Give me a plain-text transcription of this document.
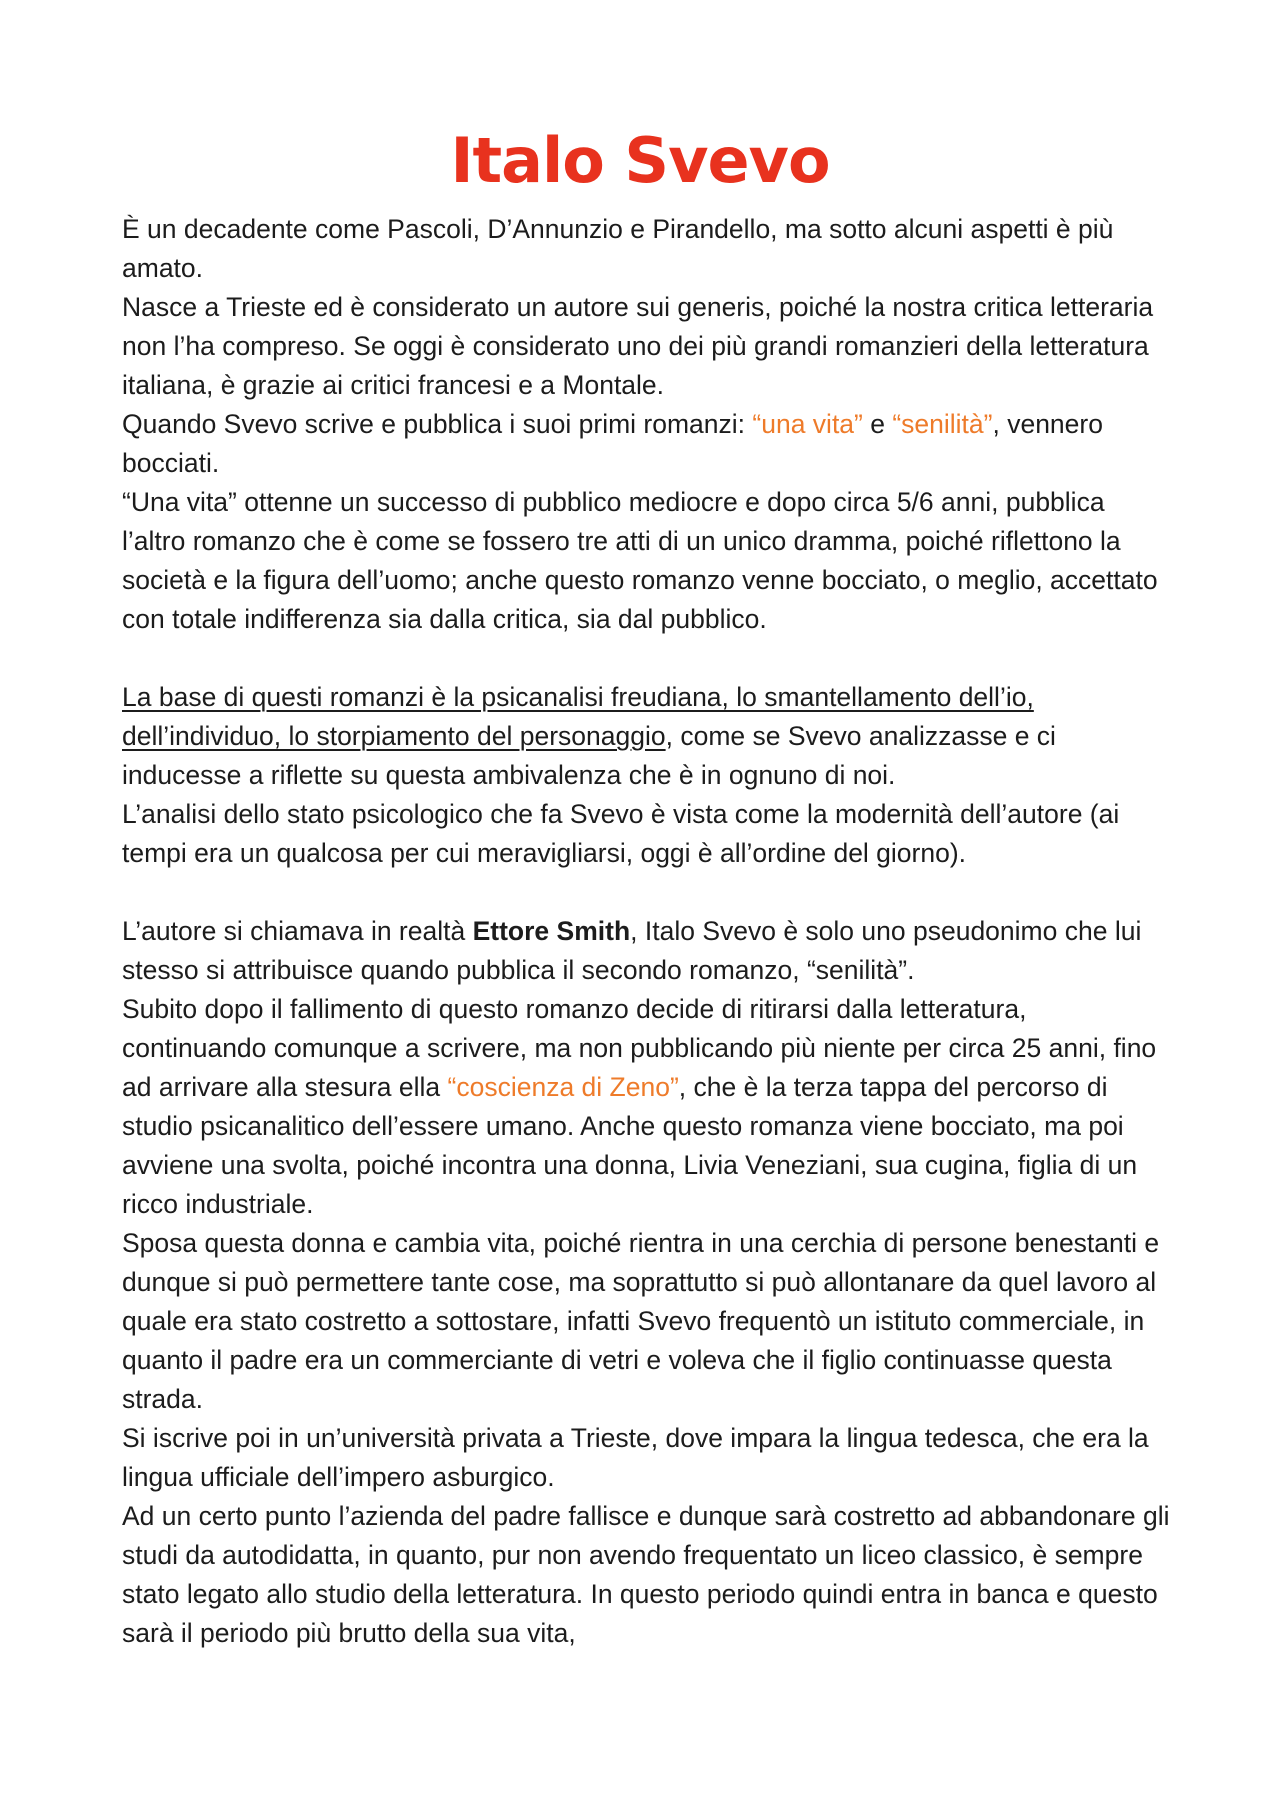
Italo Svevo

È un decadente come Pascoli, D’Annunzio e Pirandello, ma sotto alcuni aspetti è più amato.

Nasce a Trieste ed è considerato un autore sui generis, poiché la nostra critica letteraria non l’ha compreso. Se oggi è considerato uno dei più grandi romanzieri della letteratura italiana, è grazie ai critici francesi e a Montale.

Quando Svevo scrive e pubblica i suoi primi romanzi: “una vita” e “senilità”, vennero bocciati.

“Una vita” ottenne un successo di pubblico mediocre e dopo circa 5/6 anni, pubblica l’altro romanzo che è come se fossero tre atti di un unico dramma, poiché riflettono la società e la figura dell’uomo; anche questo romanzo venne bocciato, o meglio, accettato con totale indifferenza sia dalla critica, sia dal pubblico.

La base di questi romanzi è la psicanalisi freudiana, lo smantellamento dell’io, dell’individuo, lo storpiamento del personaggio, come se Svevo analizzasse e ci inducesse a riflette su questa ambivalenza che è in ognuno di noi.

L’analisi dello stato psicologico che fa Svevo è vista come la modernità dell’autore (ai tempi era un qualcosa per cui meravigliarsi, oggi è all’ordine del giorno).

L’autore si chiamava in realtà Ettore Smith, Italo Svevo è solo uno pseudonimo che lui stesso si attribuisce quando pubblica il secondo romanzo, “senilità”.

Subito dopo il fallimento di questo romanzo decide di ritirarsi dalla letteratura, continuando comunque a scrivere, ma non pubblicando più niente per circa 25 anni, fino ad arrivare alla stesura ella “coscienza di Zeno”, che è la terza tappa del percorso di studio psicanalitico dell’essere umano. Anche questo romanza viene bocciato, ma poi avviene una svolta, poiché incontra una donna, Livia Veneziani, sua cugina, figlia di un ricco industriale.

Sposa questa donna e cambia vita, poiché rientra in una cerchia di persone benestanti e dunque si può permettere tante cose, ma soprattutto si può allontanare da quel lavoro al quale era stato costretto a sottostare, infatti Svevo frequentò un istituto commerciale, in quanto il padre era un commerciante di vetri e voleva che il figlio continuasse questa strada.

Si iscrive poi in un’università privata a Trieste, dove impara la lingua tedesca, che era la lingua ufficiale dell’impero asburgico.

Ad un certo punto l’azienda del padre fallisce e dunque sarà costretto ad abbandonare gli studi da autodidatta, in quanto, pur non avendo frequentato un liceo classico, è sempre stato legato allo studio della letteratura. In questo periodo quindi entra in banca e questo sarà il periodo più brutto della sua vita,
